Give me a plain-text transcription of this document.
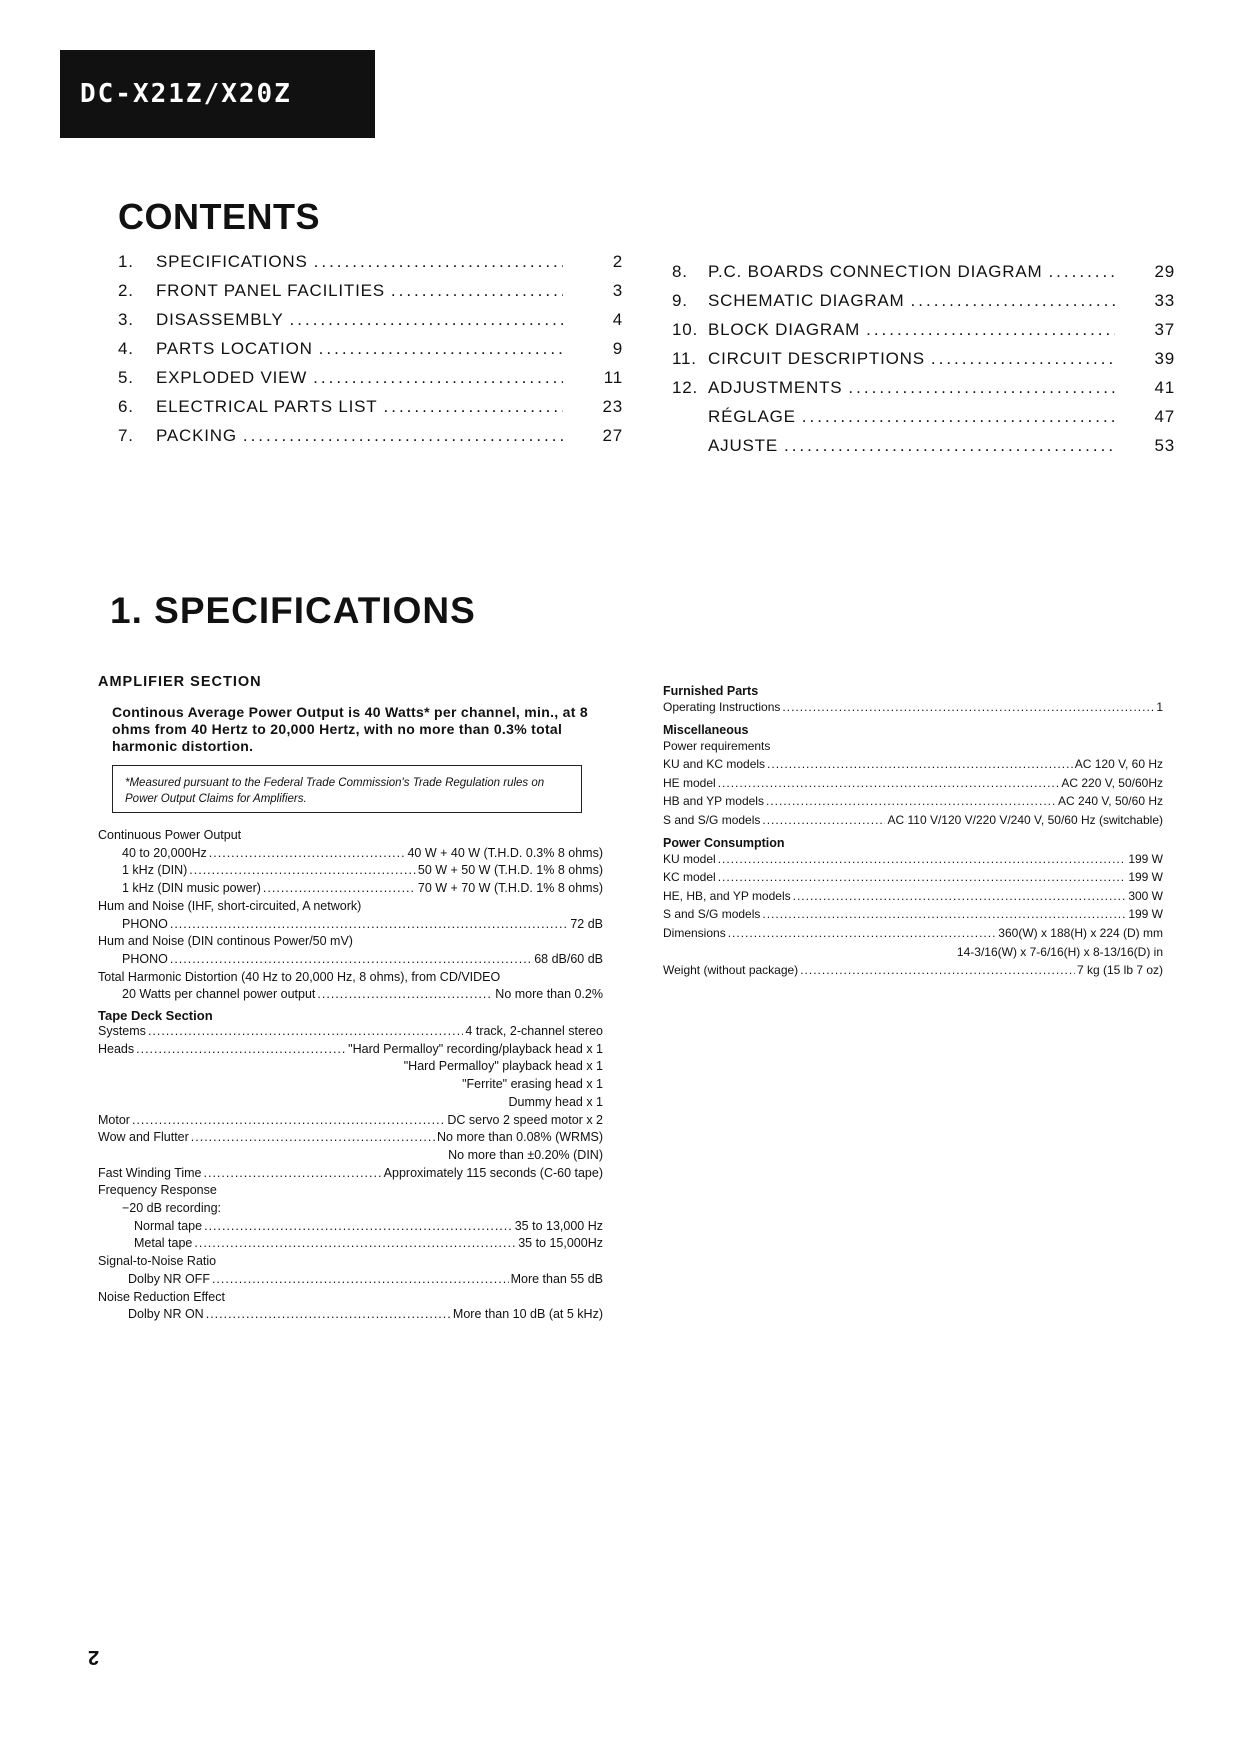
DC-X21Z/X20Z
CONTENTS
1.	SPECIFICATIONS .....	2
2.	FRONT PANEL FACILITIES .....	3
3.	DISASSEMBLY .....	4
4.	PARTS LOCATION .....	9
5.	EXPLODED VIEW .....	11
6.	ELECTRICAL PARTS LIST .....	23
7.	PACKING .....	27
8.	P.C. BOARDS CONNECTION DIAGRAM .....	29
9.	SCHEMATIC DIAGRAM .....	33
10. BLOCK DIAGRAM .....	37
11. CIRCUIT DESCRIPTIONS .....	39
12. ADJUSTMENTS .....	41
RÉGLAGE .....	47
AJUSTE .....	53
1. SPECIFICATIONS
AMPLIFIER SECTION

Continous Average Power Output is 40 Watts* per channel, min., at 8 ohms from 40 Hertz to 20,000 Hertz, with no more than 0.3% total harmonic distortion.

*Measured pursuant to the Federal Trade Commission's Trade Regulation rules on Power Output Claims for Amplifiers.
Continuous Power Output
40 to 20,000Hz .....	40 W + 40 W (T.H.D. 0.3% 8 ohms)
1 kHz (DIN) .....	50 W + 50 W (T.H.D. 1% 8 ohms)
1 kHz (DIN music power) .....	70 W + 70 W (T.H.D. 1% 8 ohms)
Hum and Noise (IHF, short-circuited, A network)
PHONO .....	72 dB
Hum and Noise (DIN continous Power/50 mV)
PHONO .....	68 dB/60 dB
Total Harmonic Distortion (40 Hz to 20,000 Hz, 8 ohms), from CD/VIDEO
20 Watts per channel power output .....	No more than 0.2%
Tape Deck Section
Systems .....	4 track, 2-channel stereo
Heads .....	"Hard Permalloy" recording/playback head x 1
"Hard Permalloy" playback head x 1
"Ferrite" erasing head x 1
Dummy head x 1
Motor .....	DC servo 2 speed motor x 2
Wow and Flutter .....	No more than 0.08% (WRMS)
No more than ±0.20% (DIN)
Fast Winding Time .....	Approximately 115 seconds (C-60 tape)
Frequency Response
−20 dB recording:
Normal tape .....	35 to 13,000 Hz
Metal tape .....	35 to 15,000Hz
Signal-to-Noise Ratio
Dolby NR OFF .....	More than 55 dB
Noise Reduction Effect
Dolby NR ON .....	More than 10 dB (at 5 kHz)
Furnished Parts
Operating Instructions .....	1
Miscellaneous
Power requirements
KU and KC models .....	AC 120 V, 60 Hz
HE model .....	AC 220 V, 50/60Hz
HB and YP models .....	AC 240 V, 50/60 Hz
S and S/G models .....	AC 110 V/120 V/220 V/240 V, 50/60 Hz (switchable)
Power Consumption
KU model .....	199 W
KC model .....	199 W
HE, HB, and YP models .....	300 W
S and S/G models .....	199 W
Dimensions .....	360(W) x 188(H) x 224 (D) mm
14-3/16(W) x 7-6/16(H) x 8-13/16(D) in
Weight (without package) .....	7 kg (15 lb 7 oz)
2
